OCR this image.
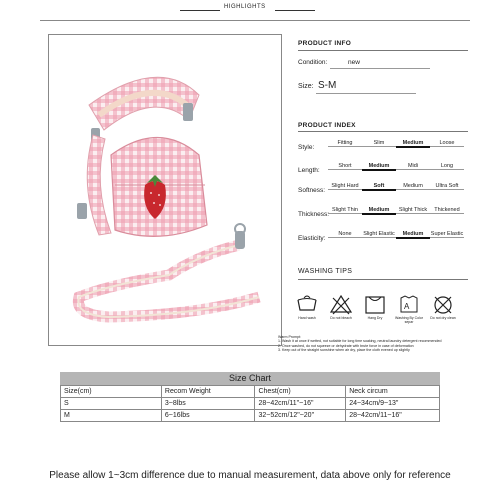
HIGHLIGHTS
PRODUCT INFO
Condition:	new
Size: S-M
PRODUCT INDEX
Style:
Fitting	Slim	Medium	Loose
Length:
Short	Medium	Midi	Long
Softness:
Slight Hard	Soft	Medium	Ultra Soft
Thickness:
Slight Thin	Medium	Slight Thick	Thickened
Elasticity:
None	Slight Elastic	Medium	Super Elastic
WASHING TIPS
Hand wash	Do not bleach	Hang Dry
A
Washing By Color separ
Do not dry clean
Warm Prompt:
1. Wash it at once if wetted, not suitable for long time soaking, neutral laundry detergent recommended
2. Once washed, do not squeeze or dehydrate with brute force in case of deformation
3. Keep out of the straight sunshine when air dry, place the cloth evened up slightly
Size Chart
Size(cm)	Recom Weight	Chest(cm)	Neck circum
S	3~8lbs	28~42cm/11"~16"	24~34cm/9~13"
M	6~16lbs	32~52cm/12"~20"	28~42cm/11~16"
Please allow 1~3cm difference due to manual measurement, data above only for reference
